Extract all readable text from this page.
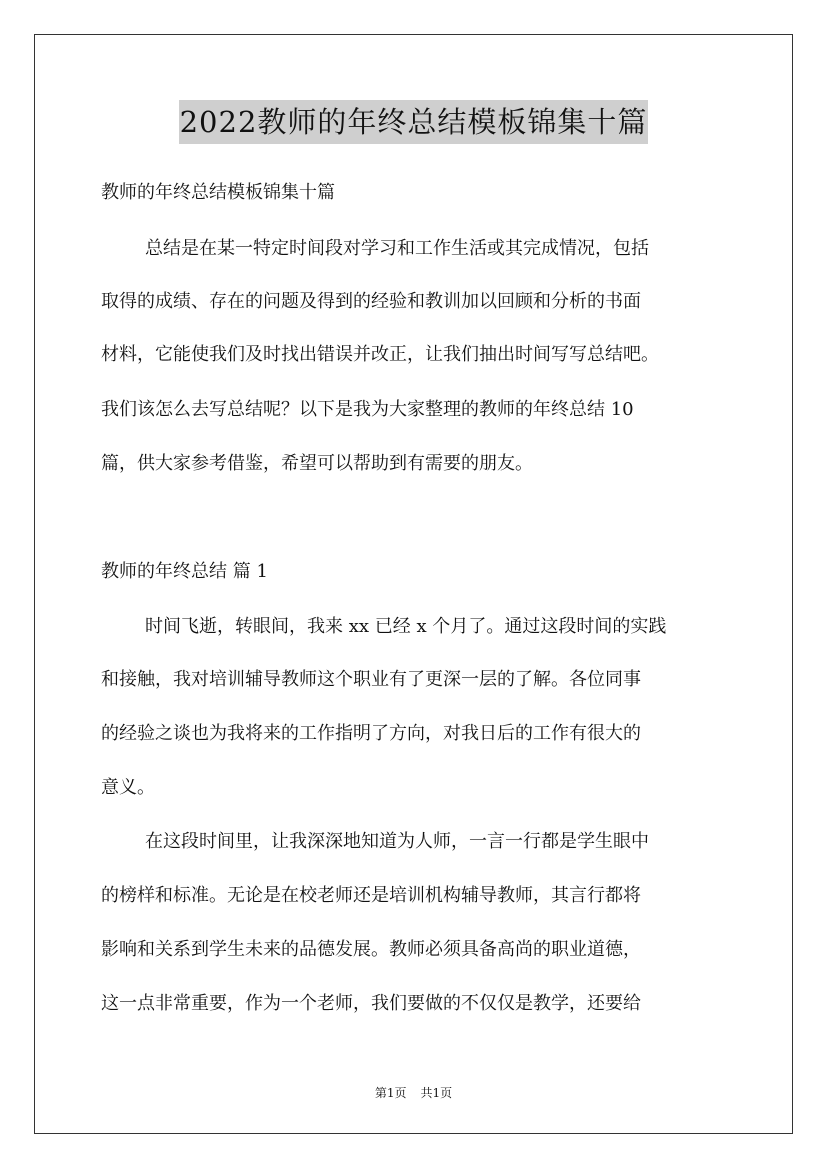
2022教师的年终总结模板锦集十篇
教师的年终总结模板锦集十篇
总结是在某一特定时间段对学习和工作生活或其完成情况，包括
取得的成绩、存在的问题及得到的经验和教训加以回顾和分析的书面
材料，它能使我们及时找出错误并改正，让我们抽出时间写写总结吧。
我们该怎么去写总结呢？以下是我为大家整理的教师的年终总结 10
篇，供大家参考借鉴，希望可以帮助到有需要的朋友。
教师的年终总结 篇 1
时间飞逝，转眼间，我来 xx 已经 x 个月了。通过这段时间的实践
和接触，我对培训辅导教师这个职业有了更深一层的了解。各位同事
的经验之谈也为我将来的工作指明了方向，对我日后的工作有很大的
意义。
在这段时间里，让我深深地知道为人师，一言一行都是学生眼中
的榜样和标准。无论是在校老师还是培训机构辅导教师，其言行都将
影响和关系到学生未来的品德发展。教师必须具备高尚的职业道德，
这一点非常重要，作为一个老师，我们要做的不仅仅是教学，还要给
第1页 共1页
